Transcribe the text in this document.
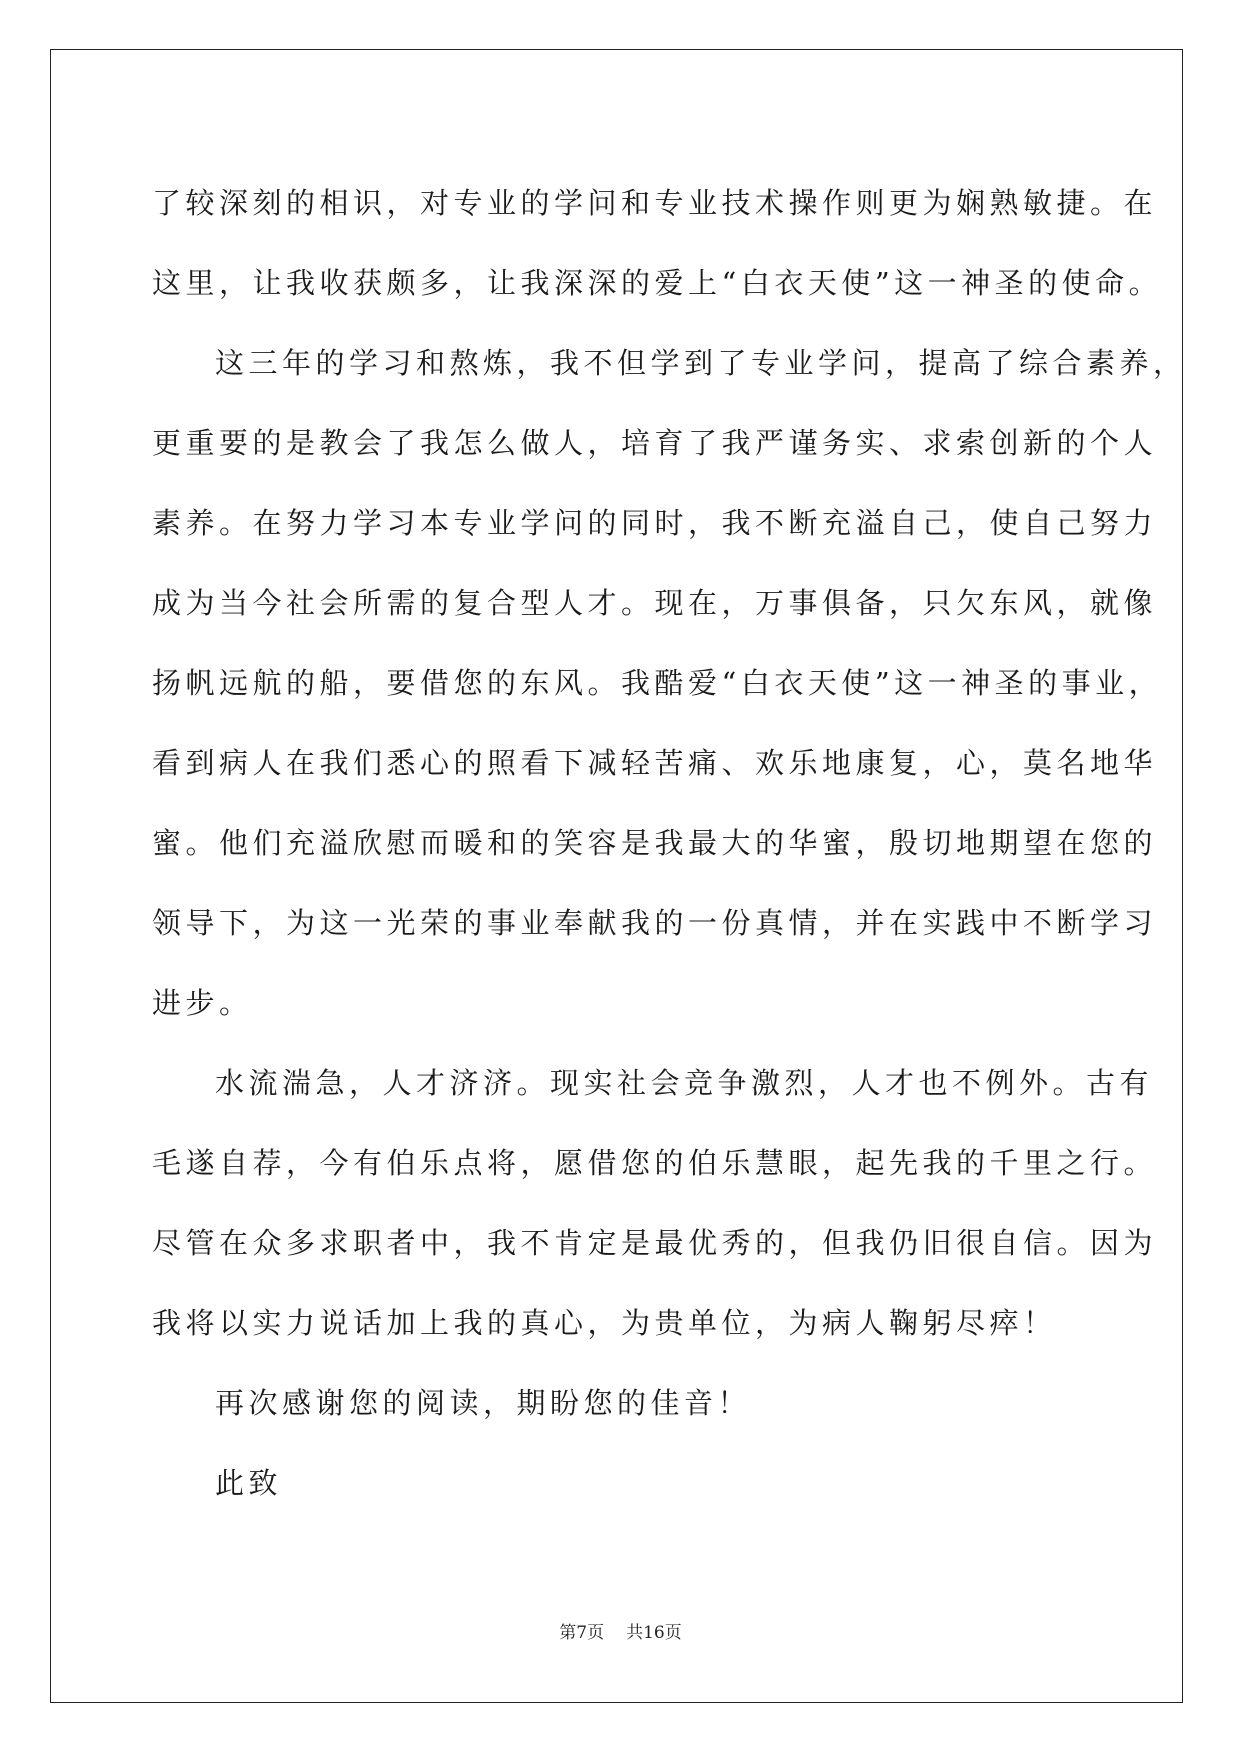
了较深刻的相识，对专业的学问和专业技术操作则更为娴熟敏捷。在
这里，让我收获颇多，让我深深的爱上“白衣天使”这一神圣的使命。
这三年的学习和熬炼，我不但学到了专业学问，提高了综合素养，
更重要的是教会了我怎么做人，培育了我严谨务实、求索创新的个人
素养。在努力学习本专业学问的同时，我不断充溢自己，使自己努力
成为当今社会所需的复合型人才。现在，万事俱备，只欠东风，就像
扬帆远航的船，要借您的东风。我酷爱“白衣天使”这一神圣的事业，
看到病人在我们悉心的照看下减轻苦痛、欢乐地康复，心，莫名地华
蜜。他们充溢欣慰而暖和的笑容是我最大的华蜜，殷切地期望在您的
领导下，为这一光荣的事业奉献我的一份真情，并在实践中不断学习
进步。
水流湍急，人才济济。现实社会竞争激烈，人才也不例外。古有
毛遂自荐，今有伯乐点将，愿借您的伯乐慧眼，起先我的千里之行。
尽管在众多求职者中，我不肯定是最优秀的，但我仍旧很自信。因为
我将以实力说话加上我的真心，为贵单位，为病人鞠躬尽瘁！
再次感谢您的阅读，期盼您的佳音！
此致
第7页 共16页
